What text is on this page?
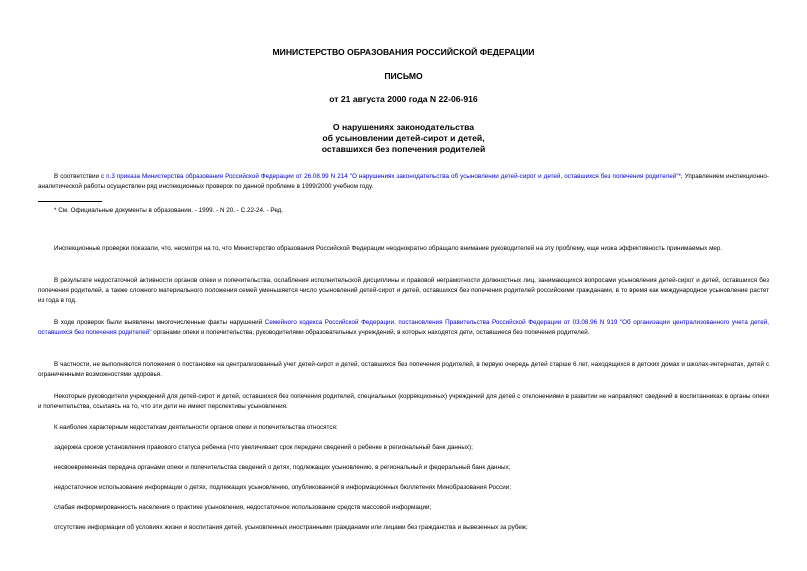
МИНИСТЕРСТВО ОБРАЗОВАНИЯ РОССИЙСКОЙ ФЕДЕРАЦИИ
ПИСЬМО
от 21 августа 2000 года N 22-06-916
О нарушениях законодательства
об усыновлении детей-сирот и детей,
оставшихся без попечения родителей
В соответствии с п.3 приказа Министерства образования Российской Федерации от 26.08.99 N 214 "О нарушениях законодательства об усыновлении детей-сирот и детей, оставшихся без попечения родителей"*, Управлением инспекционно-аналитической работы осуществлен ряд инспекционных проверок по данной проблеме в 1999/2000 учебном году.
* См. Официальные документы в образовании. - 1999. - N 20. - С.22-24. - Ред.
Инспекционные проверки показали, что, несмотря на то, что Министерство образования Российской Федерации неоднократно обращало внимание руководителей на эту проблему, еще низка эффективность принимаемых мер.
В результате недостаточной активности органов опеки и попечительства, ослабления исполнительской дисциплины и правовой неграмотности должностных лиц, занимающихся вопросами усыновления детей-сирот и детей, оставшихся без попечения родителей, а также сложного материального положения семей уменьшяется число усыновлений детей-сирот и детей, оставшихся без попечения родителей российскими гражданами, в то время как международное усыновление растет из года в год.
В ходе проверок были выявлены многочисленные факты нарушений Семейного кодекса Российской Федерации, постановления Правительства Российской Федерации от 03.08.96 N 919 "Об организации централизованного учета детей, оставшихся без попечения родителей" органами опеки и попечительства, руководителями образовательных учреждений, в которых находятся дети, оставшиеся без попечения родителей.
В частности, не выполняются положения о постановке на централизованный учет детей-сирот и детей, оставшихся без попечения родителей, в первую очередь детей старше 6 лет, находящихся в детских домах и школах-интернатах, детей с ограниченными возможностями здоровья.
Некоторые руководители учреждений для детей-сирот и детей, оставшихся без попечения родителей, специальных (коррекционных) учреждений для детей с отклонениями в развитии не направляют сведений в воспитанниках в органы опеки и попечительства, ссылаясь на то, что эти дети не имеют перспективы усыновления.
К наиболее характерным недостаткам деятельности органов опеки и попечительства относятся:
задержка сроков установления правового статуса ребенка (что увеличивает срок передачи сведений о ребенке в региональный банк данных);
несвоевременная передача органами опеки и попечительства сведений о детях, подлежащих усыновлению, в региональный и федеральный банк данных;
недостаточное использование информации о детях, подлежащих усыновлению, опубликованной в информационных бюллетенях Минобразования России;
слабая информированность населения о практике усыновления, недостаточное использование средств массовой информации;
отсутствие информации об условиях жизни и воспитания детей, усыновленных иностранными гражданами или лицами без гражданства и вывезенных за рубеж;
